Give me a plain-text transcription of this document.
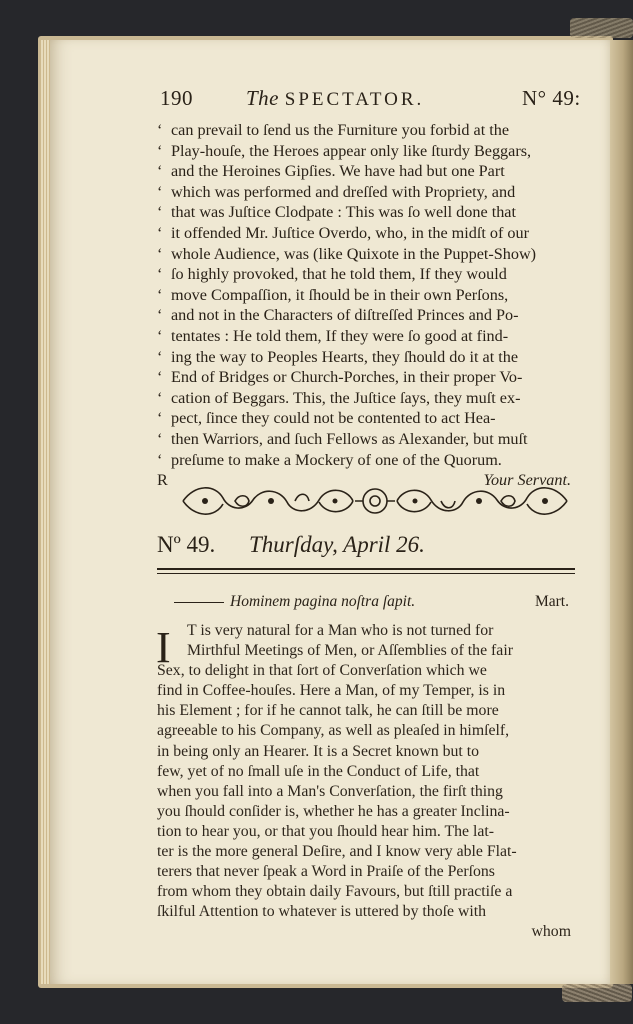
190	The SPECTATOR.	N° 49:
‘ can prevail to ſend us the Furniture you forbid at the
‘ Play-houſe, the Heroes appear only like ſturdy Beggars,
‘ and the Heroines Gipſies. We have had but one Part
‘ which was performed and dreſſed with Propriety, and
‘ that was Juſtice Clodpate : This was ſo well done that
‘ it offended Mr. Juſtice Overdo, who, in the midſt of our
‘ whole Audience, was (like Quixote in the Puppet-Show)
‘ ſo highly provoked, that he told them, If they would
‘ move Compaſſion, it ſhould be in their own Perſons,
‘ and not in the Characters of diſtreſſed Princes and Po-
‘ tentates : He told them, If they were ſo good at find-
‘ ing the way to Peoples Hearts, they ſhould do it at the
‘ End of Bridges or Church-Porches, in their proper Vo-
‘ cation of Beggars. This, the Juſtice ſays, they muſt ex-
‘ pect, ſince they could not be contented to act Hea-
‘ then Warriors, and ſuch Fellows as Alexander, but muſt
‘ preſume to make a Mockery of one of the Quorum.
R	Your Servant.
Nº 49. Thurſday, April 26.
Hominem pagina noſtra ſapit.	Mart.
I	T is very natural for a Man who is not turned for
Mirthful Meetings of Men, or Aſſemblies of the fair
Sex, to delight in that ſort of Converſation which we
find in Coffee-houſes. Here a Man, of my Temper, is in
his Element ; for if he cannot talk, he can ſtill be more
agreeable to his Company, as well as pleaſed in himſelf,
in being only an Hearer. It is a Secret known but to
few, yet of no ſmall uſe in the Conduct of Life, that
when you fall into a Man's Converſation, the firſt thing
you ſhould conſider is, whether he has a greater Inclina-
tion to hear you, or that you ſhould hear him. The lat-
ter is the more general Deſire, and I know very able Flat-
terers that never ſpeak a Word in Praiſe of the Perſons
from whom they obtain daily Favours, but ſtill practiſe a
ſkilful Attention to whatever is uttered by thoſe with
whom
